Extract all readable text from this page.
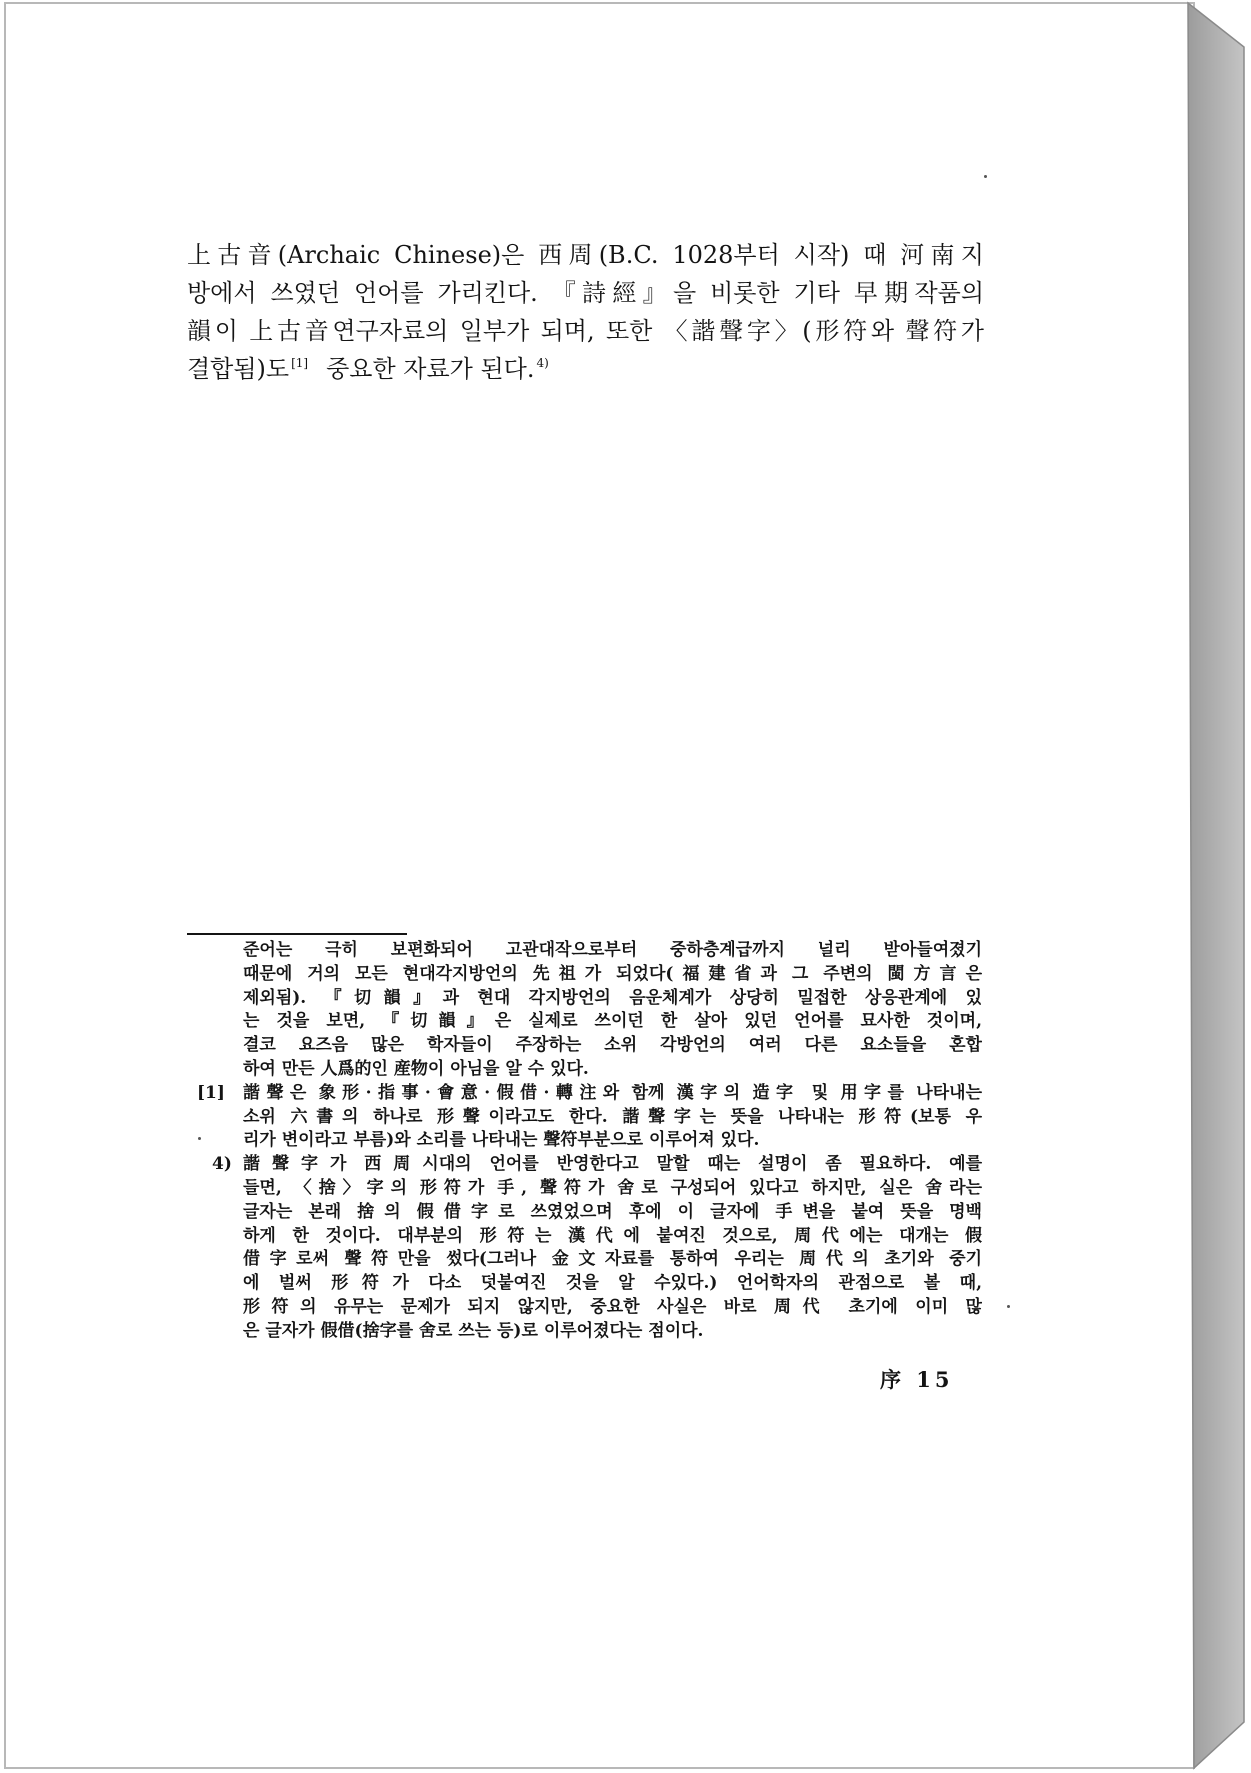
上古音(Archaic Chinese)은 西周(B.C. 1028부터 시작) 때 河南지
방에서 쓰였던 언어를 가리킨다. 『詩經』을 비롯한 기타 早期작품의
韻이 上古音연구자료의 일부가 되며, 또한 〈諧聲字〉(形符와 聲符가
결합됨)도 [1] 중요한 자료가 된다. $^{4)}$
준어는 극히 보편화되어 고관대작으로부터 중하층계급까지 널리 받아들여졌기
때문에 거의 모든 현대각지방언의 先祖가 되었다(福建省과 그 주변의 閩方言은
제외됨). 『切韻』과 현대 각지방언의 음운체계가 상당히 밀접한 상응관계에 있
는 것을 보면, 『切韻』은 실제로 쓰이던 한 살아 있던 언어를 묘사한 것이며,
결코 요즈음 많은 학자들이 주장하는 소위 각방언의 여러 다른 요소들을 혼합
하여 만든 人爲的인 産物이 아님을 알 수 있다.
[1] 諧聲은 象形·指事·會意·假借·轉注와 함께 漢字의 造字 및 用字를 나타내는
소위 六書의 하나로 形聲이라고도 한다. 諧聲字는 뜻을 나타내는 形符(보통 우
리가 변이라고 부름)와 소리를 나타내는 聲符부분으로 이루어져 있다.
4) 諧聲字가 西周시대의 언어를 반영한다고 말할 때는 설명이 좀 필요하다. 예를
들면, 〈捨〉字의 形符가 手, 聲符가 舍로 구성되어 있다고 하지만, 실은 舍라는
글자는 본래 捨의 假借字로 쓰였었으며 후에 이 글자에 手변을 붙여 뜻을 명백
하게 한 것이다. 대부분의 形符는 漢代에 붙여진 것으로, 周代에는 대개는 假
借字로써 聲符만을 썼다(그러나 金文자료를 통하여 우리는 周代의 초기와 중기
에 벌써 形符가 다소 덧붙여진 것을 알 수있다.) 언어학자의 관점으로 볼 때,
形符의 유무는 문제가 되지 않지만, 중요한 사실은 바로 周代 초기에 이미 많
은 글자가 假借(捨字를 舍로 쓰는 등)로 이루어졌다는 점이다.
序 15
